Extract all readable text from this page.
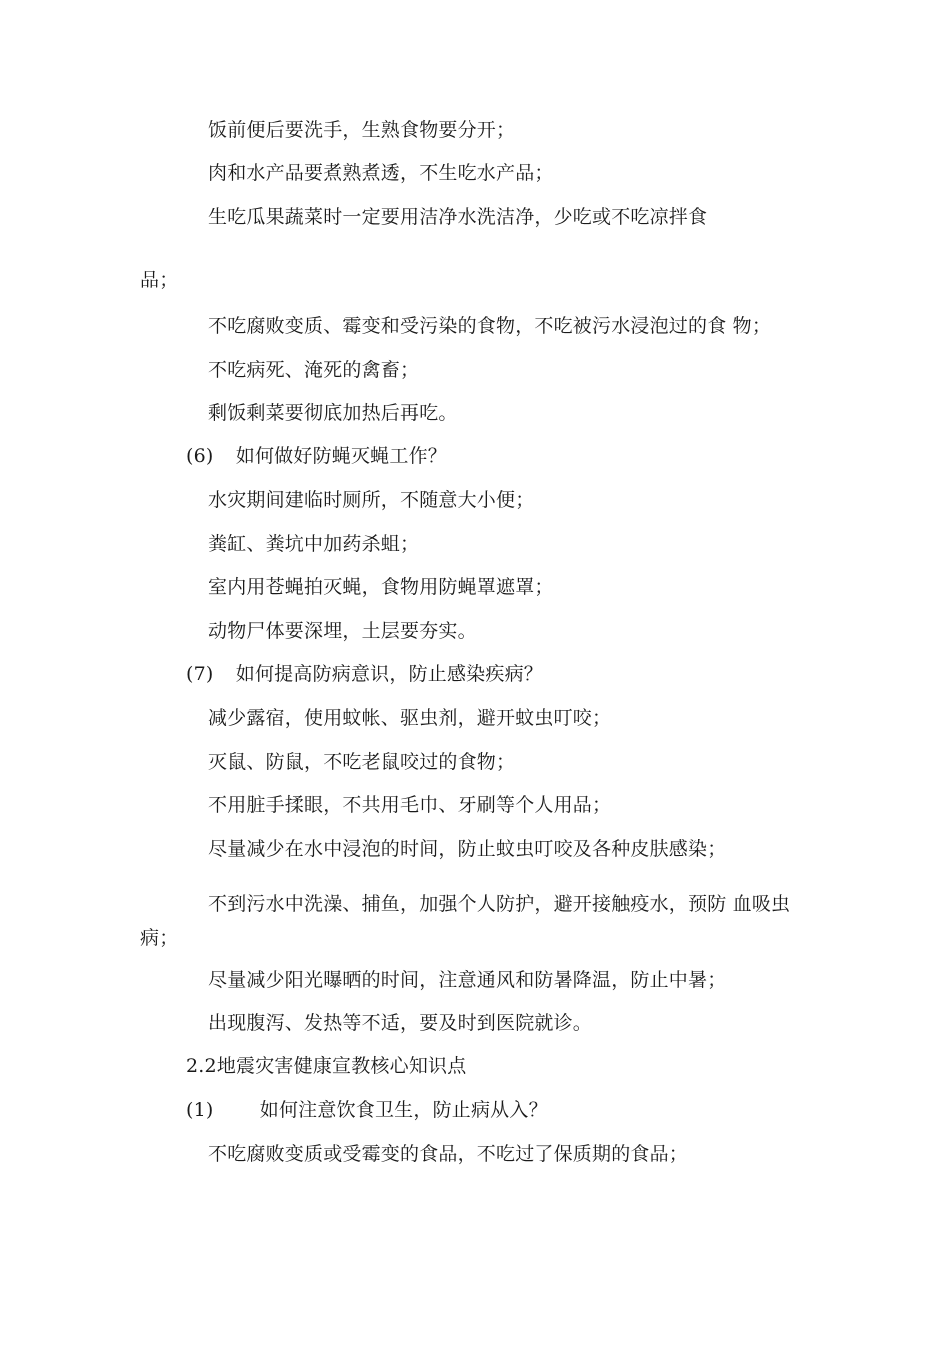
饭前便后要洗手，生熟食物要分开；
肉和水产品要煮熟煮透，不生吃水产品；
生吃瓜果蔬菜时一定要用洁净水洗洁净，少吃或不吃凉拌食
品；
不吃腐败变质、霉变和受污染的食物，不吃被污水浸泡过的食 物；
不吃病死、淹死的禽畜；
剩饭剩菜要彻底加热后再吃。
(6) 如何做好防蝇灭蝇工作？
水灾期间建临时厕所，不随意大小便；
粪缸、粪坑中加药杀蛆；
室内用苍蝇拍灭蝇，食物用防蝇罩遮罩；
动物尸体要深埋，土层要夯实。
(7) 如何提高防病意识，防止感染疾病？
减少露宿，使用蚊帐、驱虫剂，避开蚊虫叮咬；
灭鼠、防鼠，不吃老鼠咬过的食物；
不用脏手揉眼，不共用毛巾、牙刷等个人用品；
尽量减少在水中浸泡的时间，防止蚊虫叮咬及各种皮肤感染；
不到污水中洗澡、捕鱼，加强个人防护，避开接触疫水，预防 血吸虫
病；
尽量减少阳光曝晒的时间，注意通风和防暑降温，防止中暑；
出现腹泻、发热等不适，要及时到医院就诊。
2.2地震灾害健康宣教核心知识点
(1) 如何注意饮食卫生，防止病从入？
不吃腐败变质或受霉变的食品，不吃过了保质期的食品；
